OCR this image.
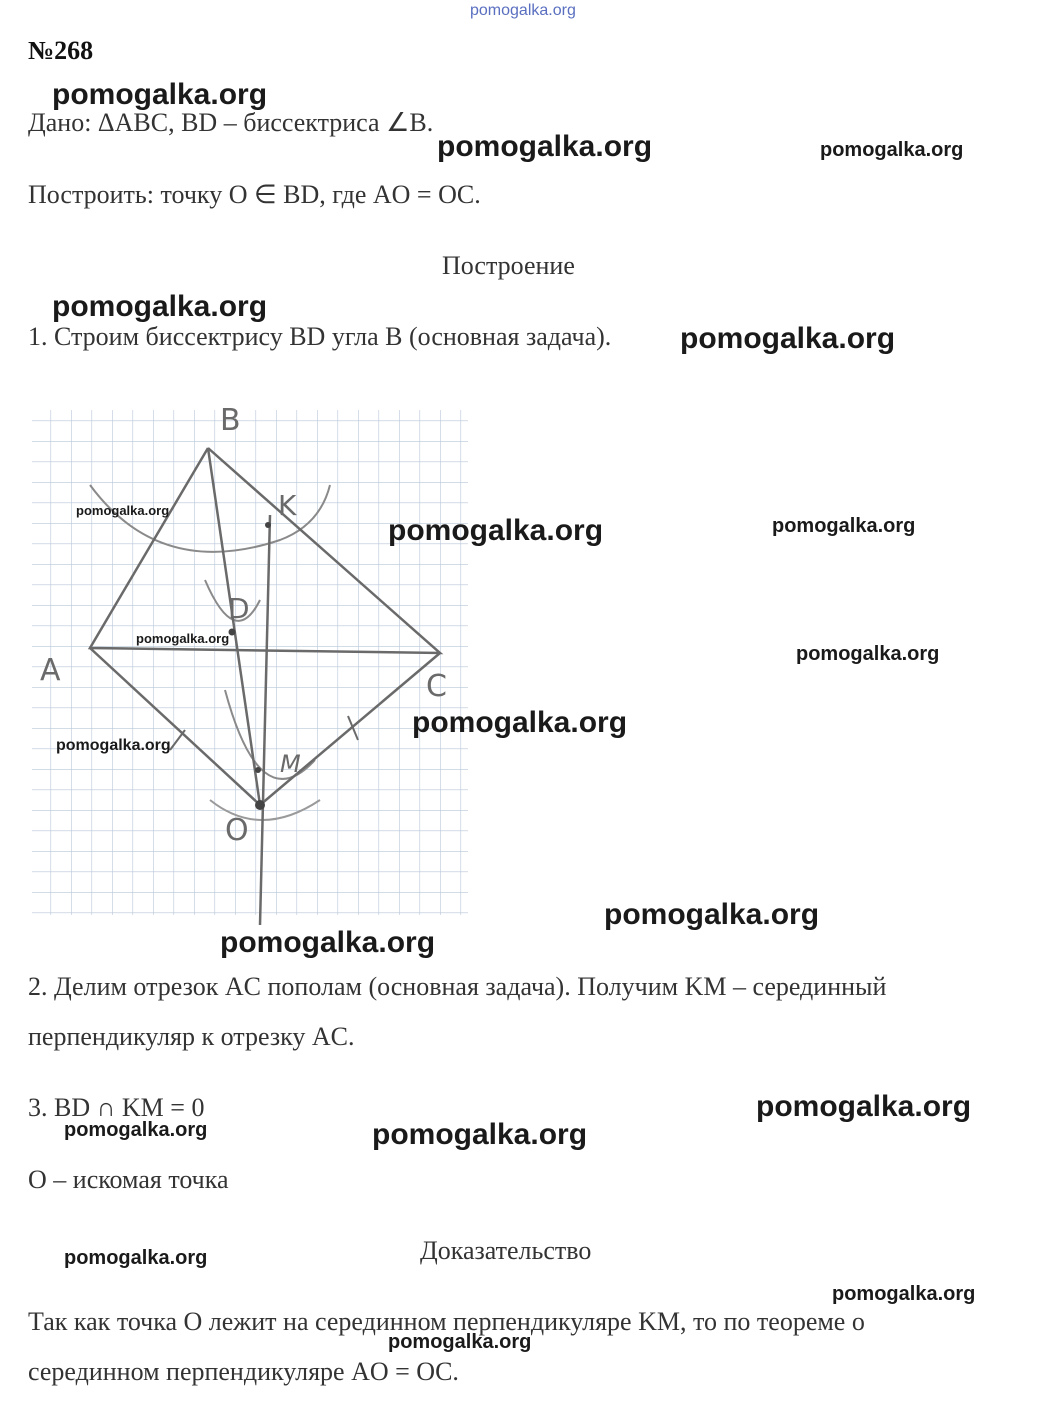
pomogalka.org
№268
Дано: ΔABC, BD – биссектриса ∠B.
Построить: точку O ∈ BD, где AO = OC.
Построение
1. Строим биссектрису BD угла B (основная задача).
B
A	C
D
K
M
O
2. Делим отрезок AC пополам (основная задача). Получим KM – серединный
перпендикуляр к отрезку AC.
3. BD ∩ KM = 0
O – искомая точка
Доказательство
Так как точка O лежит на серединном перпендикуляре KM, то по теореме о
серединном перпендикуляре AO = OC.
pomogalka.org
pomogalka.org	pomogalka.org
pomogalka.org
pomogalka.org
pomogalka.org
pomogalka.org	pomogalka.org
pomogalka.org
pomogalka.org
pomogalka.org
pomogalka.org
pomogalka.org
pomogalka.org
pomogalka.org
pomogalka.org	pomogalka.org
pomogalka.org
pomogalka.org
pomogalka.org
